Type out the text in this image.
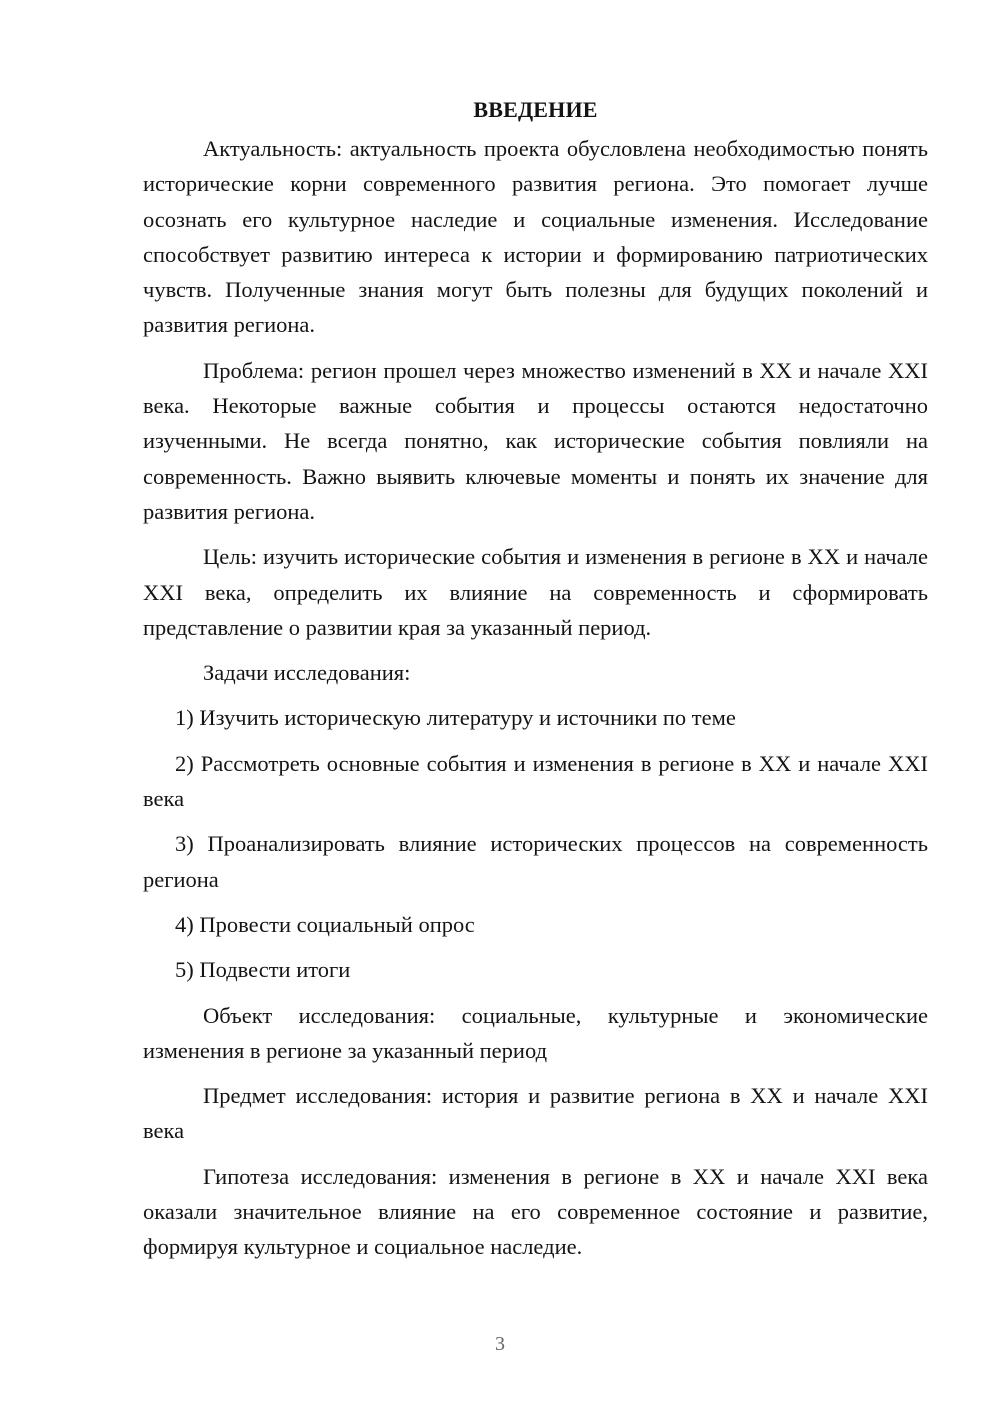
ВВЕДЕНИЕ

Актуальность: актуальность проекта обусловлена необходимостью понять исторические корни современного развития региона. Это помогает лучше осознать его культурное наследие и социальные изменения. Исследование способствует развитию интереса к истории и формированию патриотических чувств. Полученные знания могут быть полезны для будущих поколений и развития региона.

Проблема: регион прошел через множество изменений в XX и начале XXI века. Некоторые важные события и процессы остаются недостаточно изученными. Не всегда понятно, как исторические события повлияли на современность. Важно выявить ключевые моменты и понять их значение для развития региона.

Цель: изучить исторические события и изменения в регионе в XX и начале XXI века, определить их влияние на современность и сформировать представление о развитии края за указанный период.

Задачи исследования:

1) Изучить историческую литературу и источники по теме

2) Рассмотреть основные события и изменения в регионе в XX и начале XXI века

3) Проанализировать влияние исторических процессов на современность региона

4) Провести социальный опрос

5) Подвести итоги

Объект исследования: социальные, культурные и экономические изменения в регионе за указанный период

Предмет исследования: история и развитие региона в XX и начале XXI века

Гипотеза исследования: изменения в регионе в XX и начале XXI века оказали значительное влияние на его современное состояние и развитие, формируя культурное и социальное наследие.

3
